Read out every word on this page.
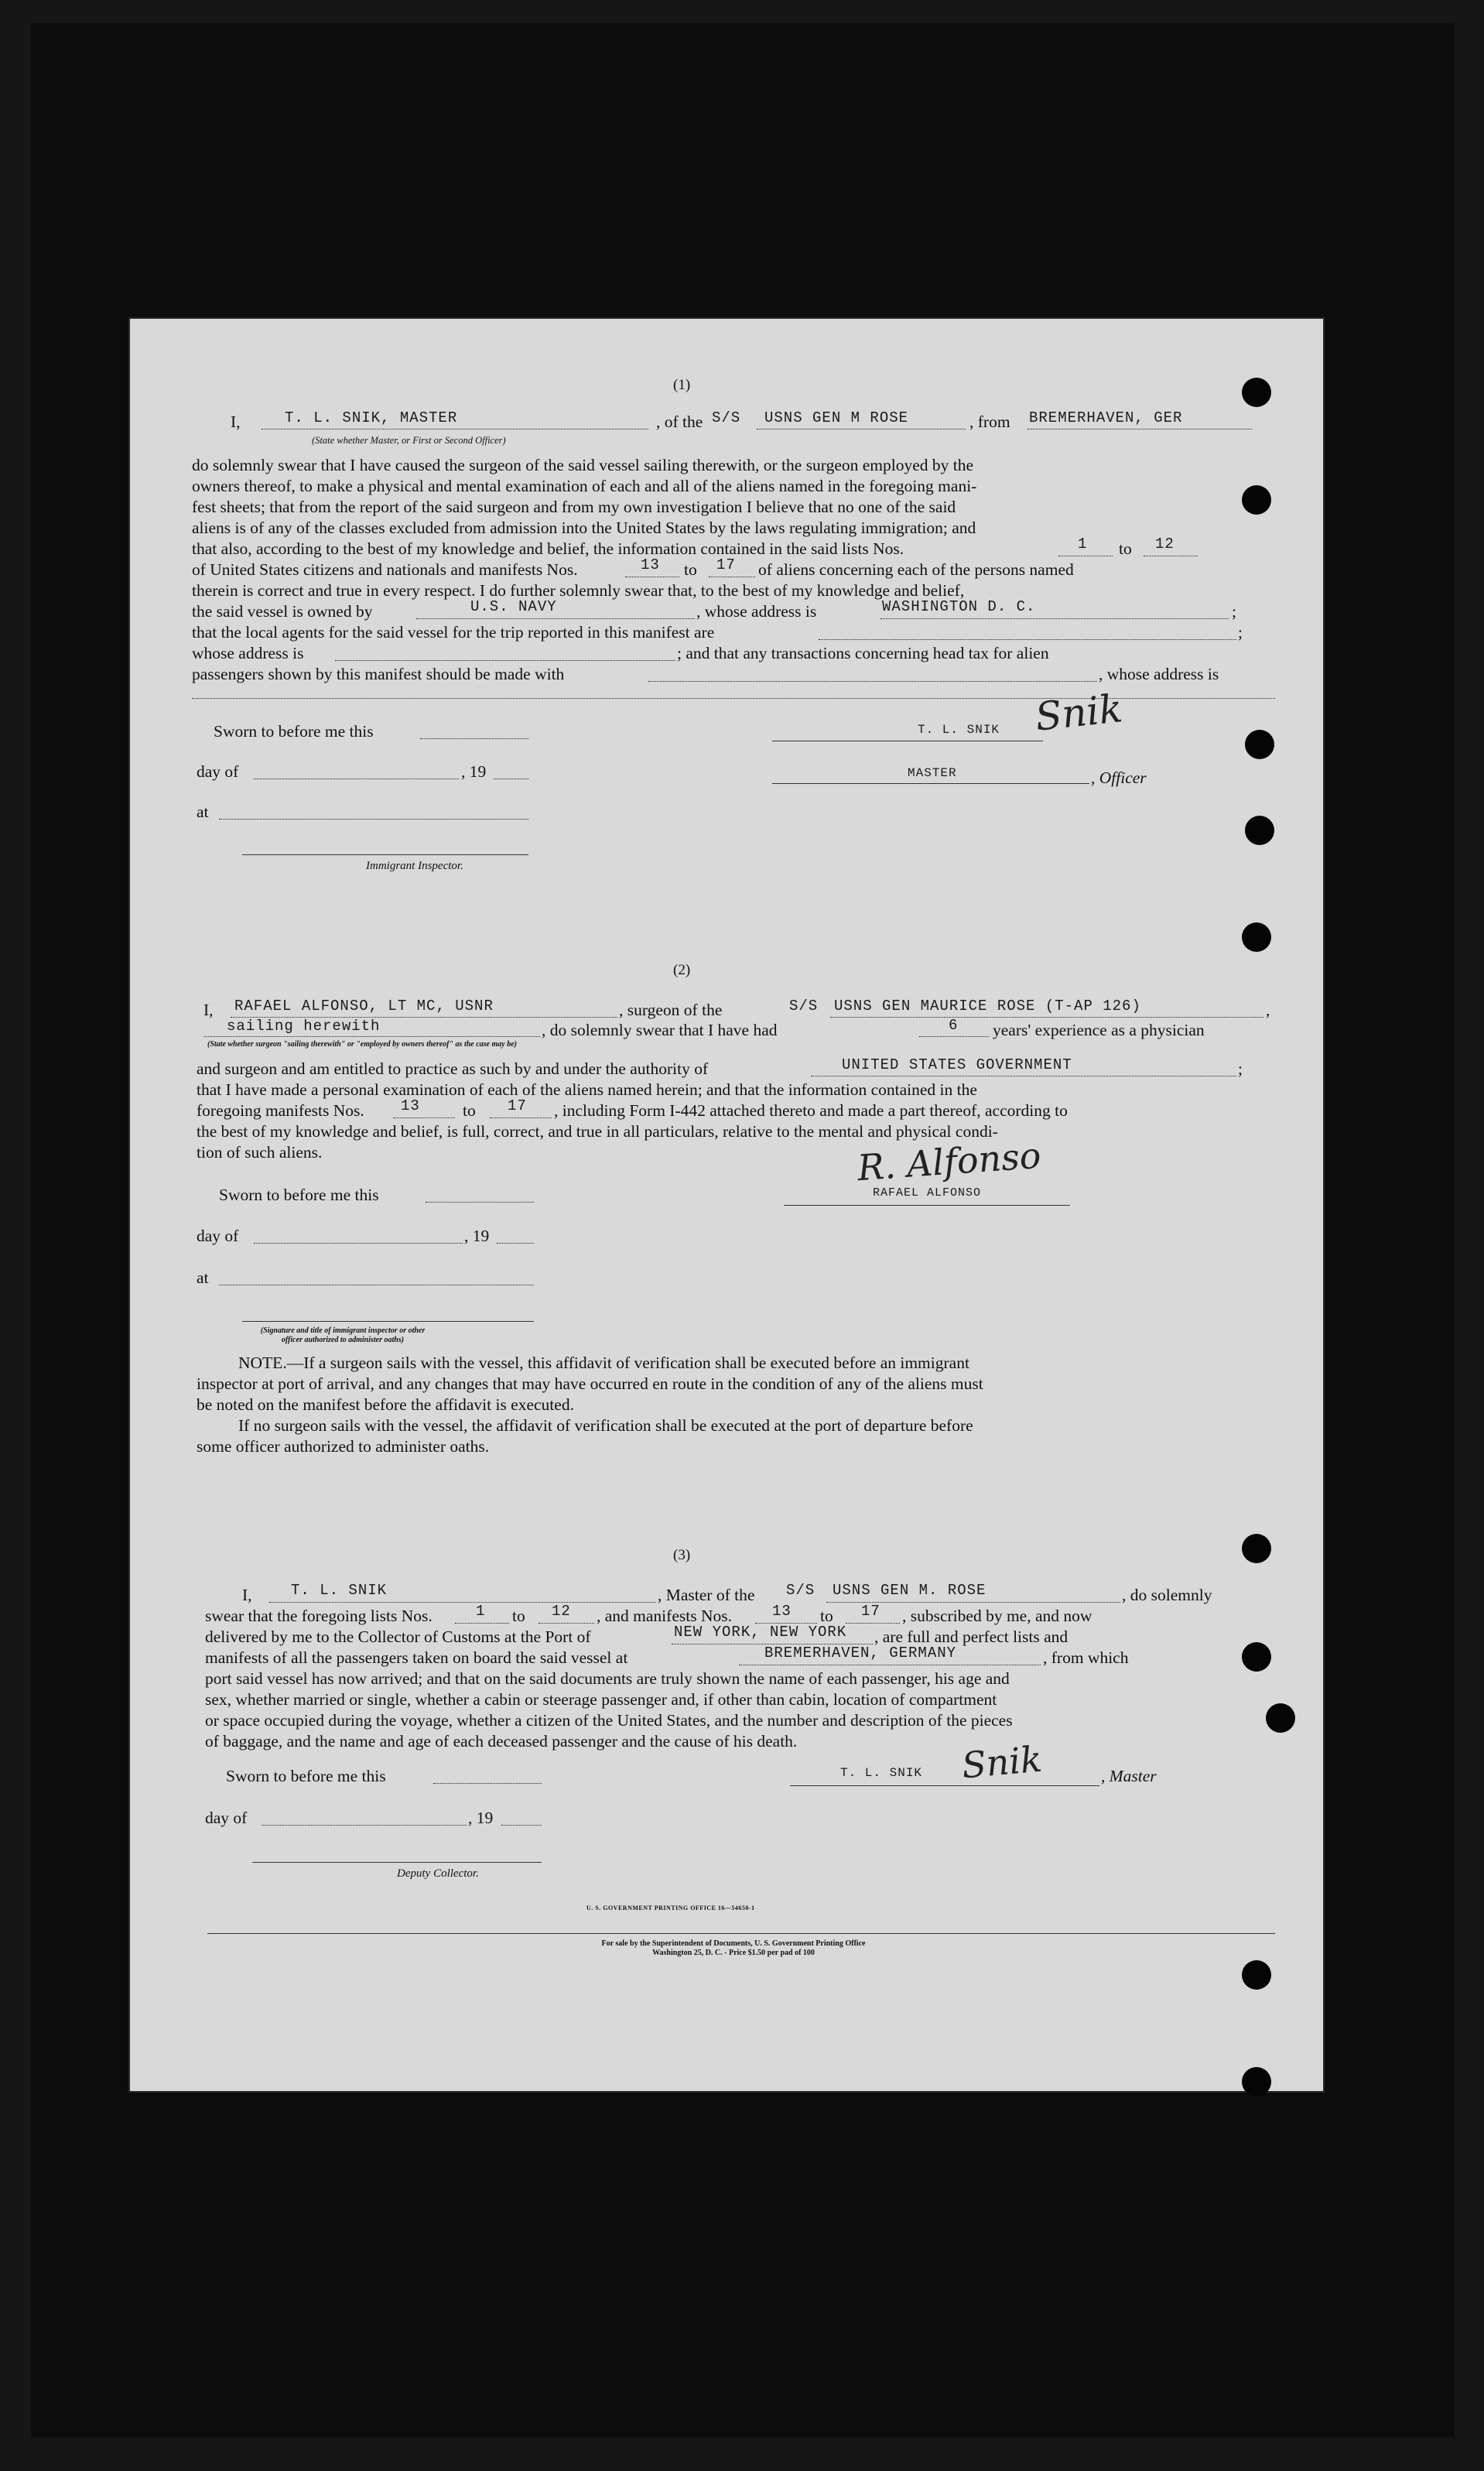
(1)
I,	T. L. SNIK, MASTER	, of the S/S USNS GEN M ROSE	, from BREMERHAVEN, GER
(State whether Master, or First or Second Officer)
do solemnly swear that I have caused the surgeon of the said vessel sailing therewith, or the surgeon employed by the
owners thereof, to make a physical and mental examination of each and all of the aliens named in the foregoing mani-
fest sheets; that from the report of the said surgeon and from my own investigation I believe that no one of the said
aliens is of any of the classes excluded from admission into the United States by the laws regulating immigration; and
that also, according to the best of my knowledge and belief, the information contained in the said lists Nos.	1 to 12
of United States citizens and nationals and manifests Nos.	13 to 17 of aliens concerning each of the persons named
therein is correct and true in every respect. I do further solemnly swear that, to the best of my knowledge and belief,
the said vessel is owned by	U.S. NAVY	, whose address is	WASHINGTON D. C.	;
that the local agents for the said vessel for the trip reported in this manifest are	;
whose address is	; and that any transactions concerning head tax for alien
passengers shown by this manifest should be made with	, whose address is
Sworn to before me this	T. L. SNIK Snik
day of	, 19	MASTER	, Officer
at
Immigrant Inspector.
(2)
I, RAFAEL ALFONSO, LT MC, USNR	, surgeon of the	S/S USNS GEN MAURICE ROSE (T-AP 126)	,
sailing herewith	, do solemnly swear that I have had	6 years' experience as a physician
(State whether surgeon "sailing therewith" or "employed by owners thereof" as the case may be)
and surgeon and am entitled to practice as such by and under the authority of	UNITED STATES GOVERNMENT	;
that I have made a personal examination of each of the aliens named herein; and that the information contained in the
foregoing manifests Nos. 13	to 17 , including Form I-442 attached thereto and made a part thereof, according to
the best of my knowledge and belief, is full, correct, and true in all particulars, relative to the mental and physical condi-
tion of such aliens.
Sworn to before me this	RAFAEL ALFONSO
R. Alfonso
day of	, 19
at
(Signature and title of immigrant inspector or other officer authorized to administer oaths)
NOTE.—If a surgeon sails with the vessel, this affidavit of verification shall be executed before an immigrant
inspector at port of arrival, and any changes that may have occurred en route in the condition of any of the aliens must
be noted on the manifest before the affidavit is executed.
If no surgeon sails with the vessel, the affidavit of verification shall be executed at the port of departure before
some officer authorized to administer oaths.
(3)
I,	T. L. SNIK	, Master of the S/S USNS GEN M. ROSE	, do solemnly
swear that the foregoing lists Nos.	1 to 12 , and manifests Nos.	13 to 17 , subscribed by me, and now
delivered by me to the Collector of Customs at the Port of	NEW YORK, NEW YORK , are full and perfect lists and
manifests of all the passengers taken on board the said vessel at	BREMERHAVEN, GERMANY	, from which
port said vessel has now arrived; and that on the said documents are truly shown the name of each passenger, his age and
sex, whether married or single, whether a cabin or steerage passenger and, if other than cabin, location of compartment
or space occupied during the voyage, whether a citizen of the United States, and the number and description of the pieces
of baggage, and the name and age of each deceased passenger and the cause of his death.
Sworn to before me this	T. L. SNIK Snik	, Master
day of	, 19
Deputy Collector.
U. S. GOVERNMENT PRINTING OFFICE 16—54650-1
For sale by the Superintendent of Documents, U. S. Government Printing Office
Washington 25, D. C. - Price $1.50 per pad of 100
